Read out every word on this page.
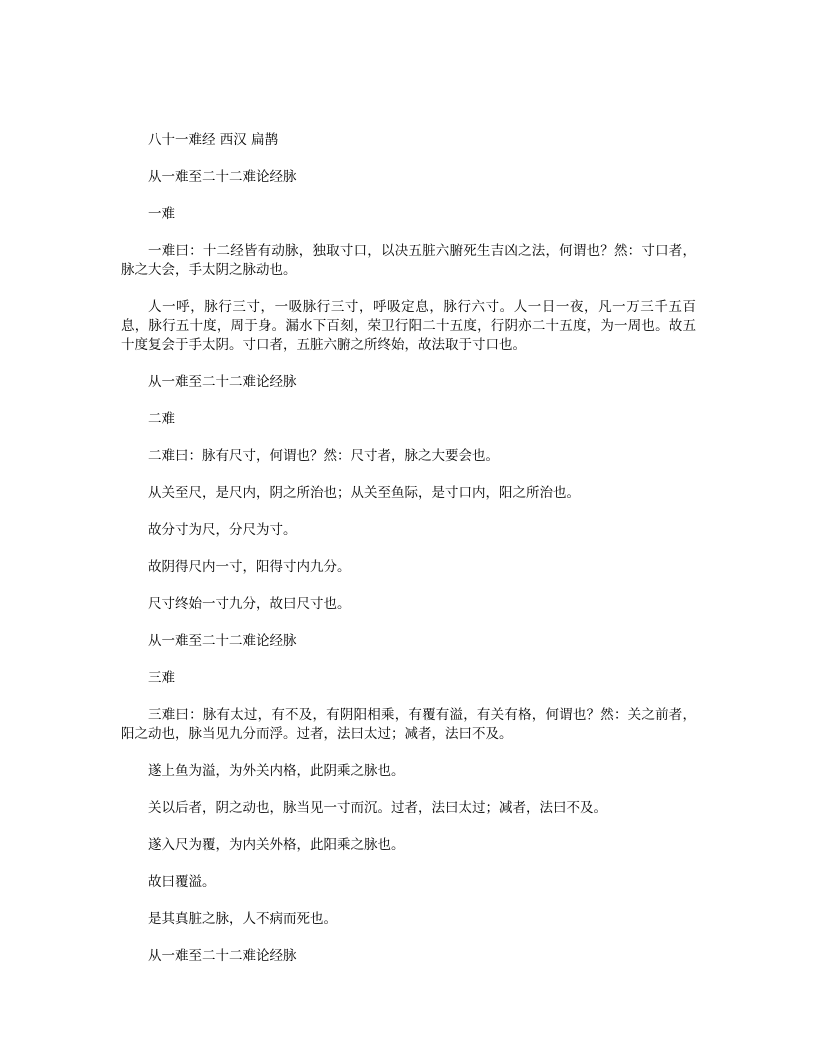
八十一难经 西汉 扁鹊

从一难至二十二难论经脉

一难

一难曰：十二经皆有动脉，独取寸口，以决五脏六腑死生吉凶之法，何谓也？然：寸口者，脉之大会，手太阴之脉动也。

人一呼，脉行三寸，一吸脉行三寸，呼吸定息，脉行六寸。人一日一夜，凡一万三千五百息，脉行五十度，周于身。漏水下百刻，荣卫行阳二十五度，行阴亦二十五度，为一周也。故五十度复会于手太阴。寸口者，五脏六腑之所终始，故法取于寸口也。

从一难至二十二难论经脉

二难

二难曰：脉有尺寸，何谓也？然：尺寸者，脉之大要会也。

从关至尺，是尺内，阴之所治也；从关至鱼际，是寸口内，阳之所治也。

故分寸为尺，分尺为寸。

故阴得尺内一寸，阳得寸内九分。

尺寸终始一寸九分，故曰尺寸也。

从一难至二十二难论经脉

三难

三难曰：脉有太过，有不及，有阴阳相乘，有覆有溢，有关有格，何谓也？然：关之前者，阳之动也，脉当见九分而浮。过者，法曰太过；减者，法曰不及。

遂上鱼为溢，为外关内格，此阴乘之脉也。

关以后者，阴之动也，脉当见一寸而沉。过者，法曰太过；减者，法曰不及。

遂入尺为覆，为内关外格，此阳乘之脉也。

故曰覆溢。

是其真脏之脉，人不病而死也。

从一难至二十二难论经脉
